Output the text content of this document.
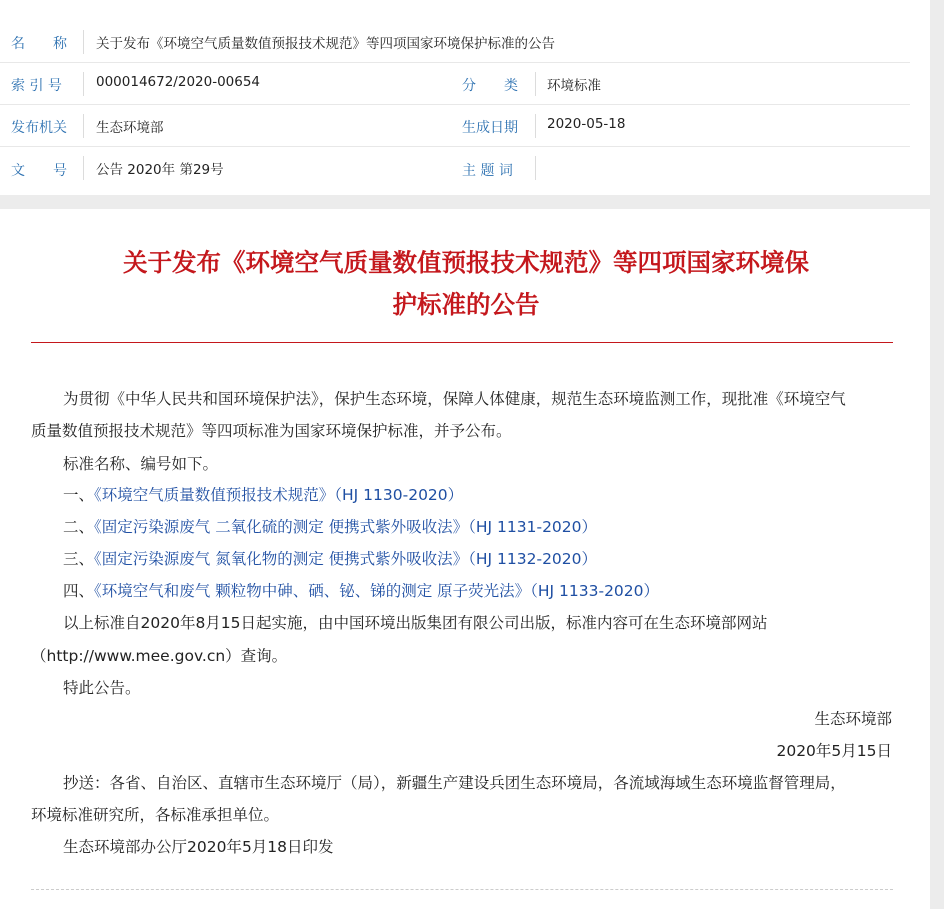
名　　称 关于发布《环境空气质量数值预报技术规范》等四项国家环境保护标准的公告
索 引 号	000014672/2020-00654	分　　类 环境标准
发布机关 生态环境部	生成日期 2020-05-18
文　　号 公告 2020年 第29号	主 题 词
关于发布《环境空气质量数值预报技术规范》等四项国家环境保
护标准的公告
为贯彻《中华人民共和国环境保护法》，保护生态环境，保障人体健康，规范生态环境监测工作，现批准《环境空气
质量数值预报技术规范》等四项标准为国家环境保护标准，并予公布。
标准名称、编号如下。
一、《环境空气质量数值预报技术规范》（HJ 1130-2020）
二、《固定污染源废气 二氧化硫的测定 便携式紫外吸收法》（HJ 1131-2020）
三、《固定污染源废气 氮氧化物的测定 便携式紫外吸收法》（HJ 1132-2020）
四、《环境空气和废气 颗粒物中砷、硒、铋、锑的测定 原子荧光法》（HJ 1133-2020）
以上标准自2020年8月15日起实施，由中国环境出版集团有限公司出版，标准内容可在生态环境部网站
（http://www.mee.gov.cn）查询。
特此公告。
生态环境部
2020年5月15日
抄送：各省、自治区、直辖市生态环境厅（局），新疆生产建设兵团生态环境局，各流域海域生态环境监督管理局，
环境标准研究所，各标准承担单位。
生态环境部办公厅2020年5月18日印发
